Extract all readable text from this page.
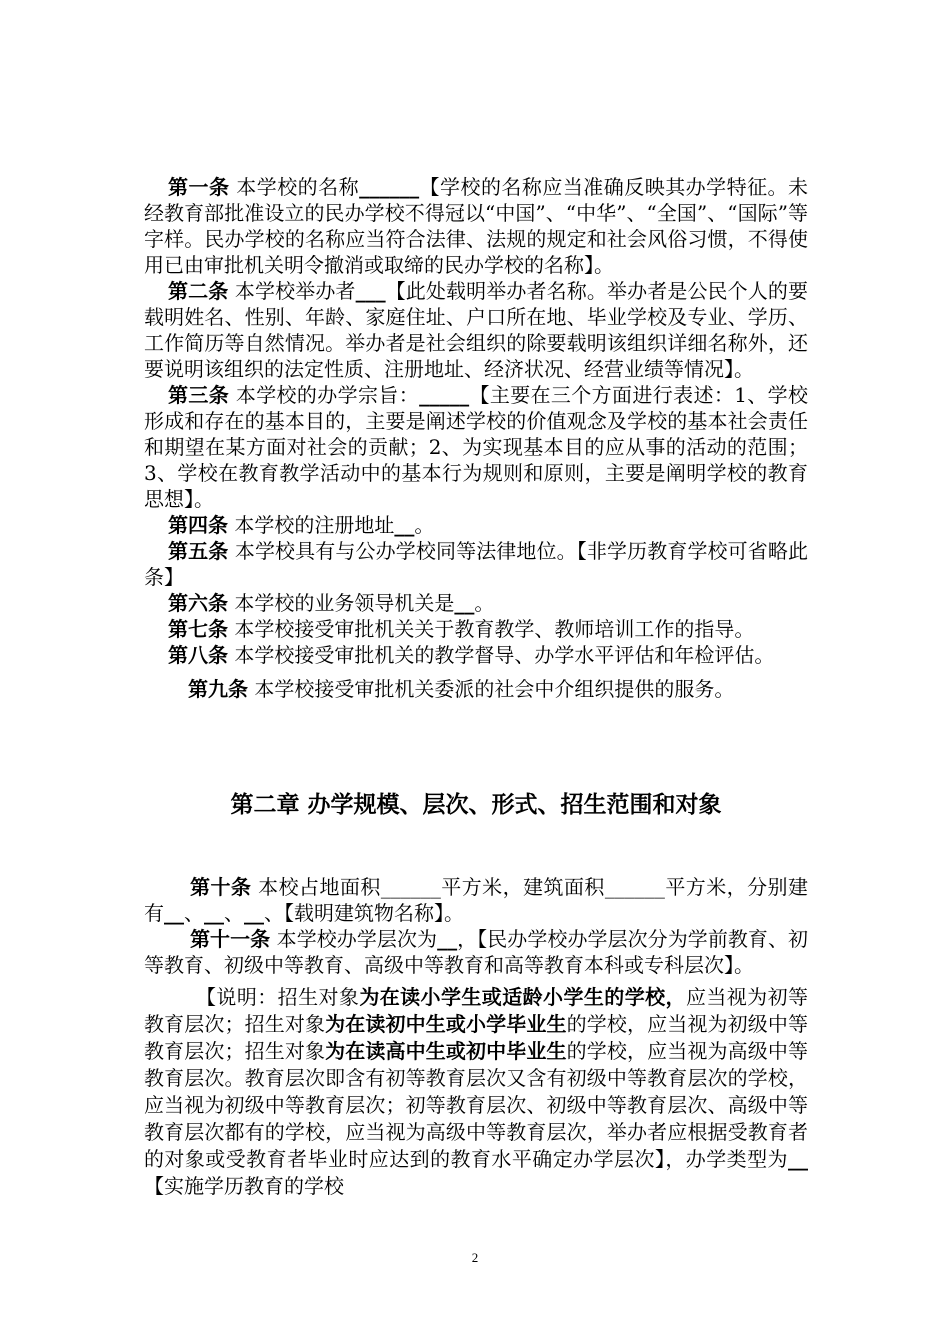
第一条 本学校的名称______【学校的名称应当准确反映其办学特征。未经教育部批准设立的民办学校不得冠以“中国”、“中华”、“全国”、“国际”等字样。民办学校的名称应当符合法律、法规的规定和社会风俗习惯，不得使用已由审批机关明令撤消或取缔的民办学校的名称】。

第二条 本学校举办者___【此处载明举办者名称。举办者是公民个人的要载明姓名、性别、年龄、家庭住址、户口所在地、毕业学校及专业、学历、工作简历等自然情况。举办者是社会组织的除要载明该组织详细名称外，还要说明该组织的法定性质、注册地址、经济状况、经营业绩等情况】。

第三条 本学校的办学宗旨：_____【主要在三个方面进行表述：1、学校形成和存在的基本目的，主要是阐述学校的价值观念及学校的基本社会责任和期望在某方面对社会的贡献；2、为实现基本目的应从事的活动的范围；3、学校在教育教学活动中的基本行为规则和原则，主要是阐明学校的教育思想】。

第四条 本学校的注册地址__。

第五条 本学校具有与公办学校同等法律地位。【非学历教育学校可省略此条】

第六条 本学校的业务领导机关是__。

第七条 本学校接受审批机关关于教育教学、教师培训工作的指导。

第八条 本学校接受审批机关的教学督导、办学水平评估和年检评估。

第九条 本学校接受审批机关委派的社会中介组织提供的服务。

第二章 办学规模、层次、形式、招生范围和对象

第十条 本校占地面积______平方米，建筑面积______平方米，分别建有__、__、__、【载明建筑物名称】。

第十一条 本学校办学层次为__，【民办学校办学层次分为学前教育、初等教育、初级中等教育、高级中等教育和高等教育本科或专科层次】。

【说明：招生对象为在读小学生或适龄小学生的学校，应当视为初等教育层次；招生对象为在读初中生或小学毕业生的学校，应当视为初级中等教育层次；招生对象为在读高中生或初中毕业生的学校，应当视为高级中等教育层次。教育层次即含有初等教育层次又含有初级中等教育层次的学校，应当视为初级中等教育层次；初等教育层次、初级中等教育层次、高级中等教育层次都有的学校，应当视为高级中等教育层次，举办者应根据受教育者的对象或受教育者毕业时应达到的教育水平确定办学层次】，办学类型为__【实施学历教育的学校

2
